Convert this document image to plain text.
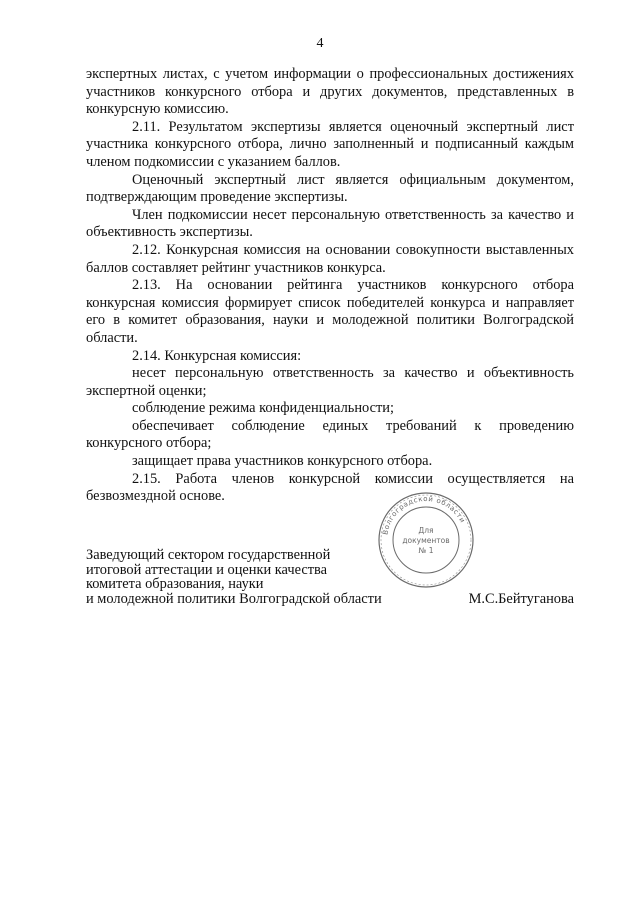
4

экспертных листах, с учетом информации о профессиональных достижениях участников конкурсного отбора и других документов, представленных в конкурсную комиссию.

2.11. Результатом экспертизы является оценочный экспертный лист участника конкурсного отбора, лично заполненный и подписанный каждым членом подкомиссии с указанием баллов.

Оценочный экспертный лист является официальным документом, подтверждающим проведение экспертизы.

Член подкомиссии несет персональную ответственность за качество и объективность экспертизы.

2.12. Конкурсная комиссия на основании совокупности выставленных баллов составляет рейтинг участников конкурса.

2.13. На основании рейтинга участников конкурсного отбора конкурсная комиссия формирует список победителей конкурса и направляет его в комитет образования, науки и молодежной политики Волгоградской области.

2.14. Конкурсная комиссия:

несет персональную ответственность за качество и объективность экспертной оценки;

соблюдение режима конфиденциальности;

обеспечивает соблюдение единых требований к проведению конкурсного отбора;

защищает права участников конкурсного отбора.

2.15. Работа членов конкурсной комиссии осуществляется на безвозмездной основе.

Волгоградской области
Для
документов
№ 1
Заведующий сектором государственной
итоговой аттестации и оценки качества
комитета образования, науки
и молодежной политики Волгоградской области	М.С.Бейтуганова
